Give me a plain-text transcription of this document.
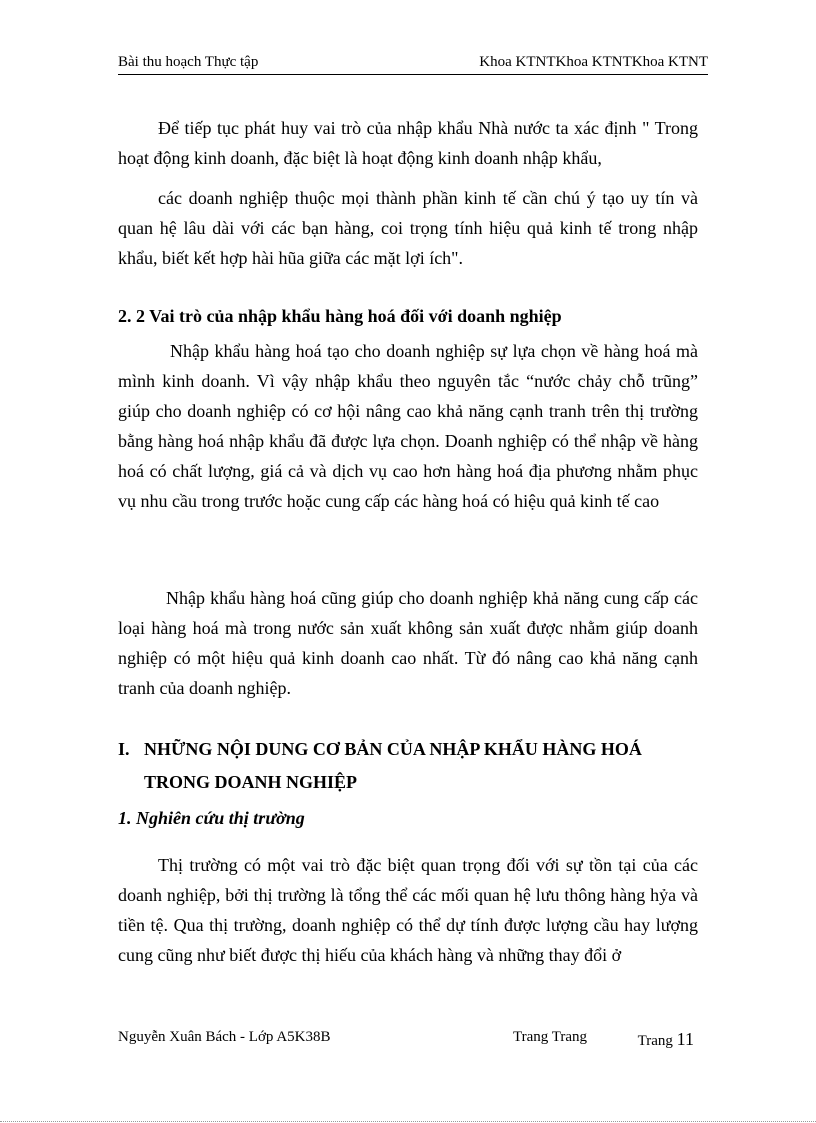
Bài thu hoạch Thực tập	Khoa KTNTKhoa KTNTKhoa KTNT

Để tiếp tục phát huy vai trò của nhập khẩu Nhà nước ta xác định " Trong hoạt động kinh doanh, đặc biệt là hoạt động kinh doanh nhập khẩu,

các doanh nghiệp thuộc mọi thành phần kinh tế cần chú ý tạo uy tín và quan hệ lâu dài với các bạn hàng, coi trọng tính hiệu quả kinh tế trong nhập khẩu, biết kết hợp hài hũa giữa các mặt lợi ích".

2. 2 Vai trò của nhập khẩu hàng hoá đối với doanh nghiệp

Nhập khẩu hàng hoá tạo cho doanh nghiệp sự lựa chọn về hàng hoá mà mình kinh doanh. Vì vậy nhập khẩu theo nguyên tắc “nước chảy chỗ trũng” giúp cho doanh nghiệp có cơ hội nâng cao khả năng cạnh tranh trên thị trường bằng hàng hoá nhập khẩu đã được lựa chọn. Doanh nghiệp có thể nhập về hàng hoá có chất lượng, giá cả và dịch vụ cao hơn hàng hoá địa phương nhằm phục vụ nhu cầu trong trước hoặc cung cấp các hàng hoá có hiệu quả kinh tế cao

Nhập khẩu hàng hoá cũng giúp cho doanh nghiệp khả năng cung cấp các loại hàng hoá mà trong nước sản xuất không sản xuất được nhằm giúp doanh nghiệp có một hiệu quả kinh doanh cao nhất. Từ đó nâng cao khả năng cạnh tranh của doanh nghiệp.

I. NHỮNG NỘI DUNG CƠ BẢN CỦA NHẬP KHẨU HÀNG HOÁ
TRONG DOANH NGHIỆP

1. Nghiên cứu thị trường

Thị trường có một vai trò đặc biệt quan trọng đối với sự tồn tại của các doanh nghiệp, bởi thị trường là tổng thể các mối quan hệ lưu thông hàng hỷa và tiền tệ. Qua thị trường, doanh nghiệp có thể dự tính được lượng cầu hay lượng cung cũng như biết được thị hiếu của khách hàng và những thay đổi ở

Nguyễn Xuân Bách - Lớp A5K38B	Trang Trang	Trang 11
